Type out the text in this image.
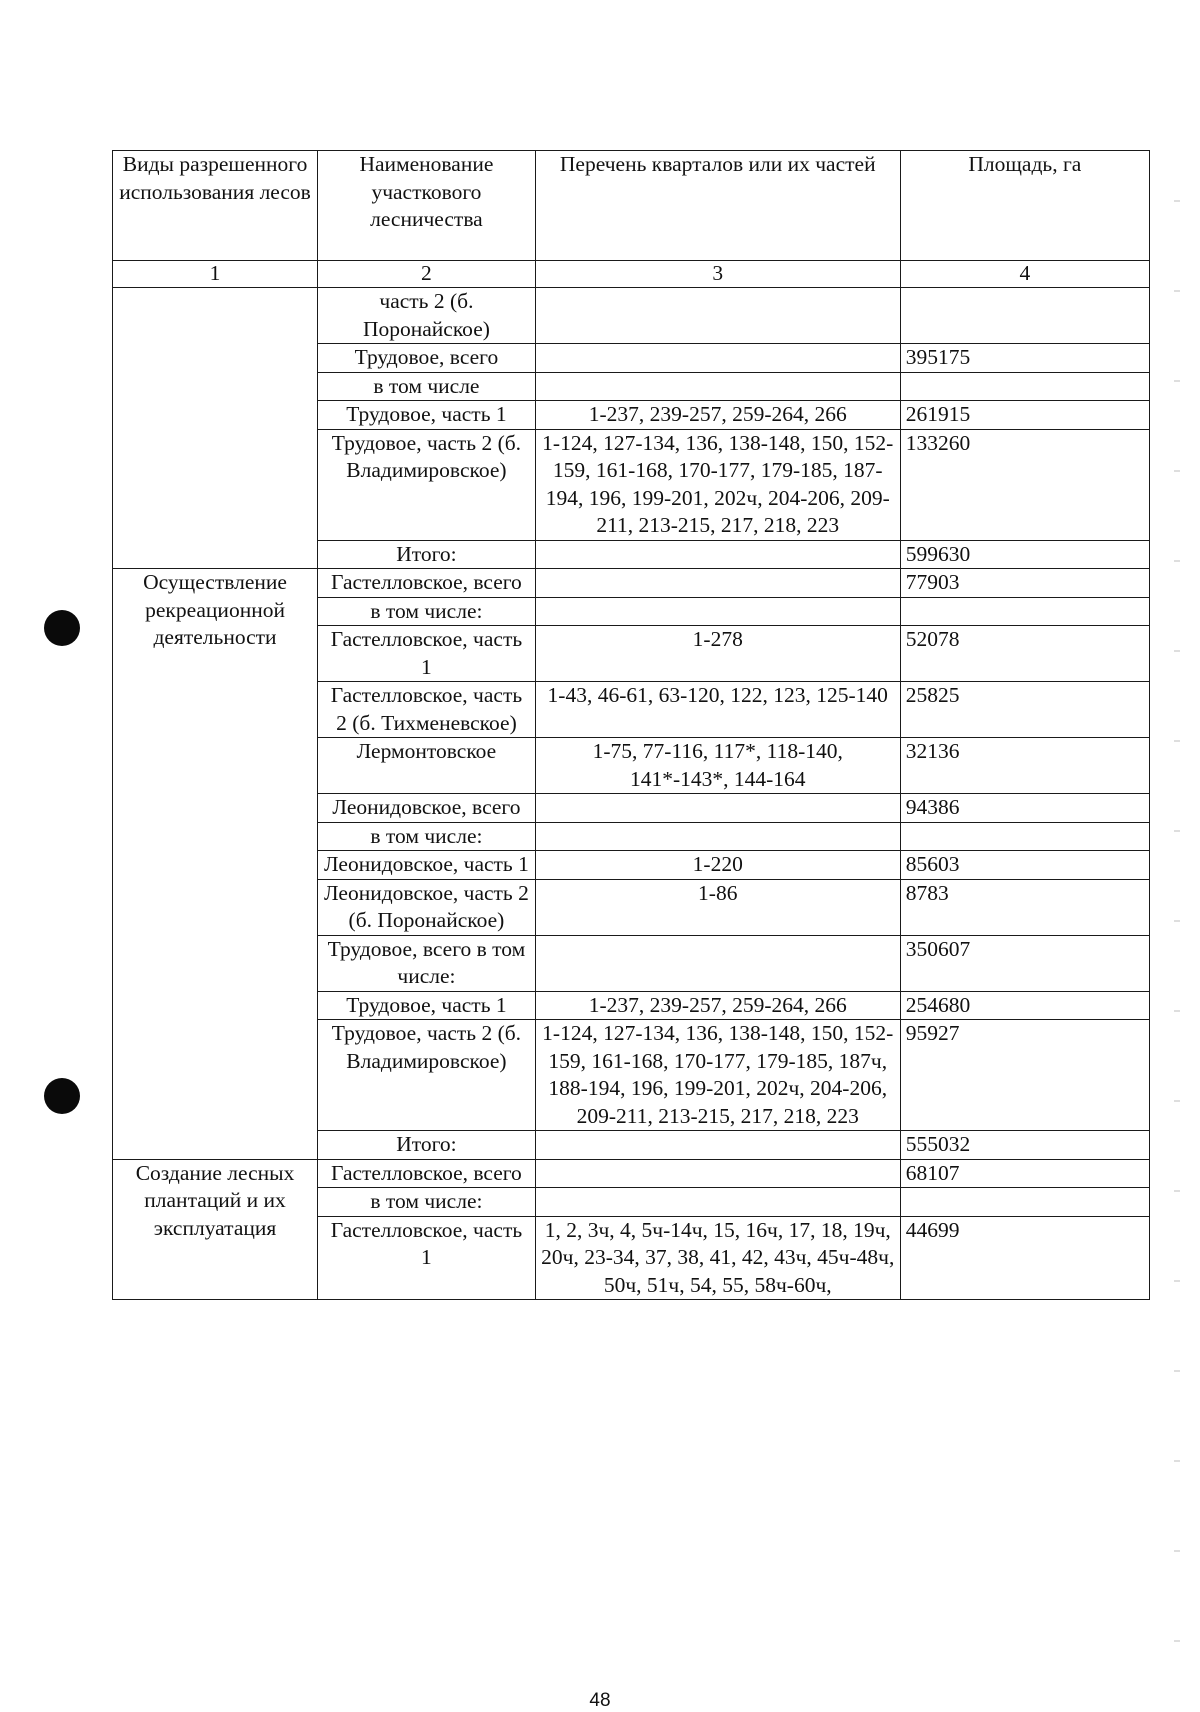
Виды разрешенного использования лесов	Наименование участкового лесничества	Перечень кварталов или их частей	Площадь, га
1	2	3	4
	часть 2 (б. Поронайское)		
	Трудовое, всего		395175
	в том числе		
	Трудовое, часть 1	1-237, 239-257, 259-264, 266	261915
	Трудовое, часть 2 (б. Владимировское)	1-124, 127-134, 136, 138-148, 150, 152-159, 161-168, 170-177, 179-185, 187-194, 196, 199-201, 202ч, 204-206, 209-211, 213-215, 217, 218, 223	133260
	Итого:		599630
Осуществление рекреационной деятельности	Гастелловское, всего		77903
	в том числе:		
	Гастелловское, часть 1	1-278	52078
	Гастелловское, часть 2 (б. Тихменевское)	1-43, 46-61, 63-120, 122, 123, 125-140	25825
	Лермонтовское	1-75, 77-116, 117*, 118-140, 141*-143*, 144-164	32136
	Леонидовское, всего		94386
	в том числе:		
	Леонидовское, часть 1	1-220	85603
	Леонидовское, часть 2 (б. Поронайское)	1-86	8783
	Трудовое, всего в том числе:		350607
	Трудовое, часть 1	1-237, 239-257, 259-264, 266	254680
	Трудовое, часть 2 (б. Владимировское)	1-124, 127-134, 136, 138-148, 150, 152-159, 161-168, 170-177, 179-185, 187ч, 188-194, 196, 199-201, 202ч, 204-206, 209-211, 213-215, 217, 218, 223	95927
	Итого:		555032
Создание лесных плантаций и их эксплуатация	Гастелловское, всего		68107
	в том числе:		
	Гастелловское, часть 1	1, 2, 3ч, 4, 5ч-14ч, 15, 16ч, 17, 18, 19ч, 20ч, 23-34, 37, 38, 41, 42, 43ч, 45ч-48ч, 50ч, 51ч, 54, 55, 58ч-60ч,	44699
48
